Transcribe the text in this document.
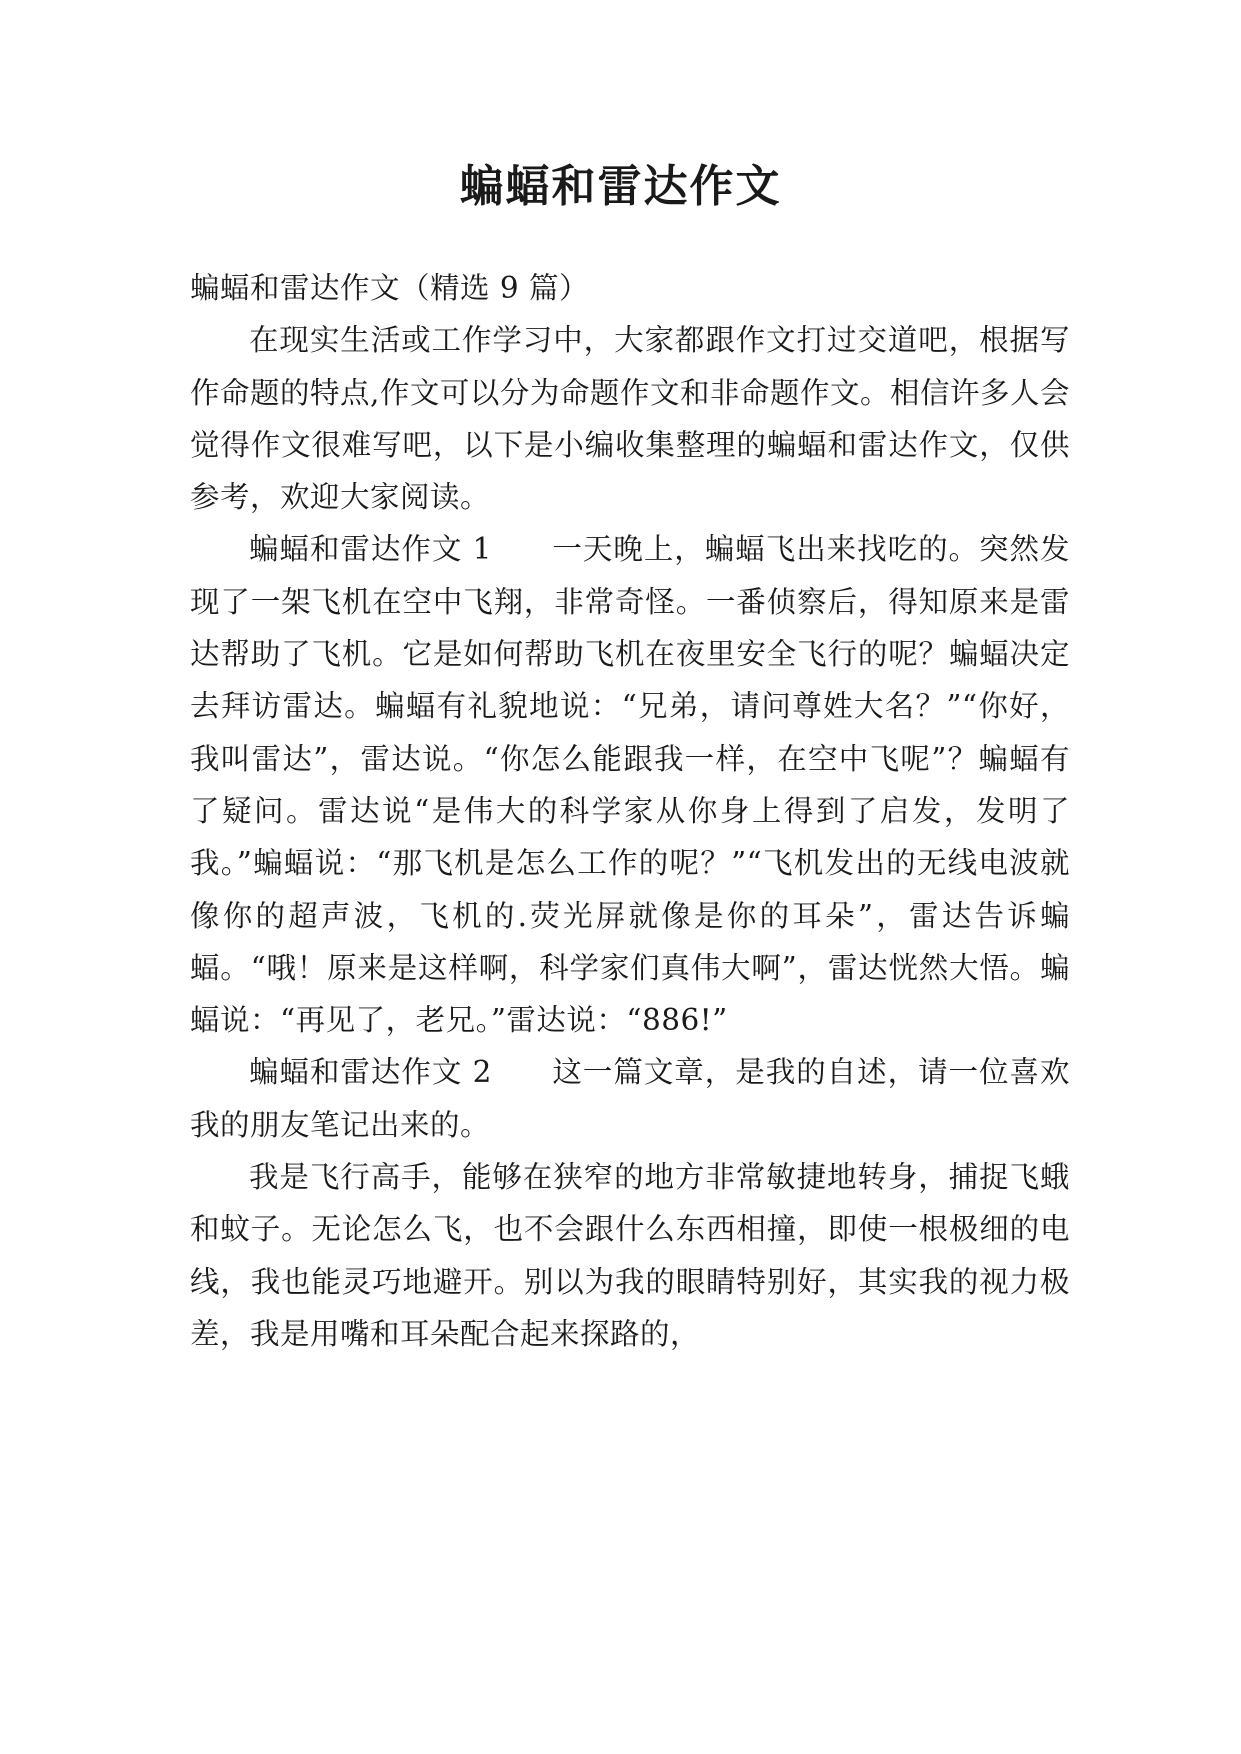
蝙蝠和雷达作文

蝙蝠和雷达作文（精选 9 篇）

在现实生活或工作学习中，大家都跟作文打过交道吧，根据写作命题的特点,作文可以分为命题作文和非命题作文。相信许多人会觉得作文很难写吧，以下是小编收集整理的蝙蝠和雷达作文，仅供参考，欢迎大家阅读。

蝙蝠和雷达作文 1 一天晚上，蝙蝠飞出来找吃的。突然发现了一架飞机在空中飞翔，非常奇怪。一番侦察后，得知原来是雷达帮助了飞机。它是如何帮助飞机在夜里安全飞行的呢？蝙蝠决定去拜访雷达。蝙蝠有礼貌地说：“兄弟，请问尊姓大名？”“你好，我叫雷达”，雷达说。“你怎么能跟我一样，在空中飞呢”？蝙蝠有了疑问。雷达说“是伟大的科学家从你身上得到了启发，发明了我。”蝙蝠说：“那飞机是怎么工作的呢？”“飞机发出的无线电波就像你的超声波，飞机的.荧光屏就像是你的耳朵”，雷达告诉蝙蝠。“哦！原来是这样啊，科学家们真伟大啊”，雷达恍然大悟。蝙蝠说：“再见了，老兄。”雷达说：“886!”

蝙蝠和雷达作文 2 这一篇文章，是我的自述，请一位喜欢我的朋友笔记出来的。

我是飞行高手，能够在狭窄的地方非常敏捷地转身，捕捉飞蛾和蚊子。无论怎么飞，也不会跟什么东西相撞，即使一根极细的电线，我也能灵巧地避开。别以为我的眼睛特别好，其实我的视力极差，我是用嘴和耳朵配合起来探路的，
